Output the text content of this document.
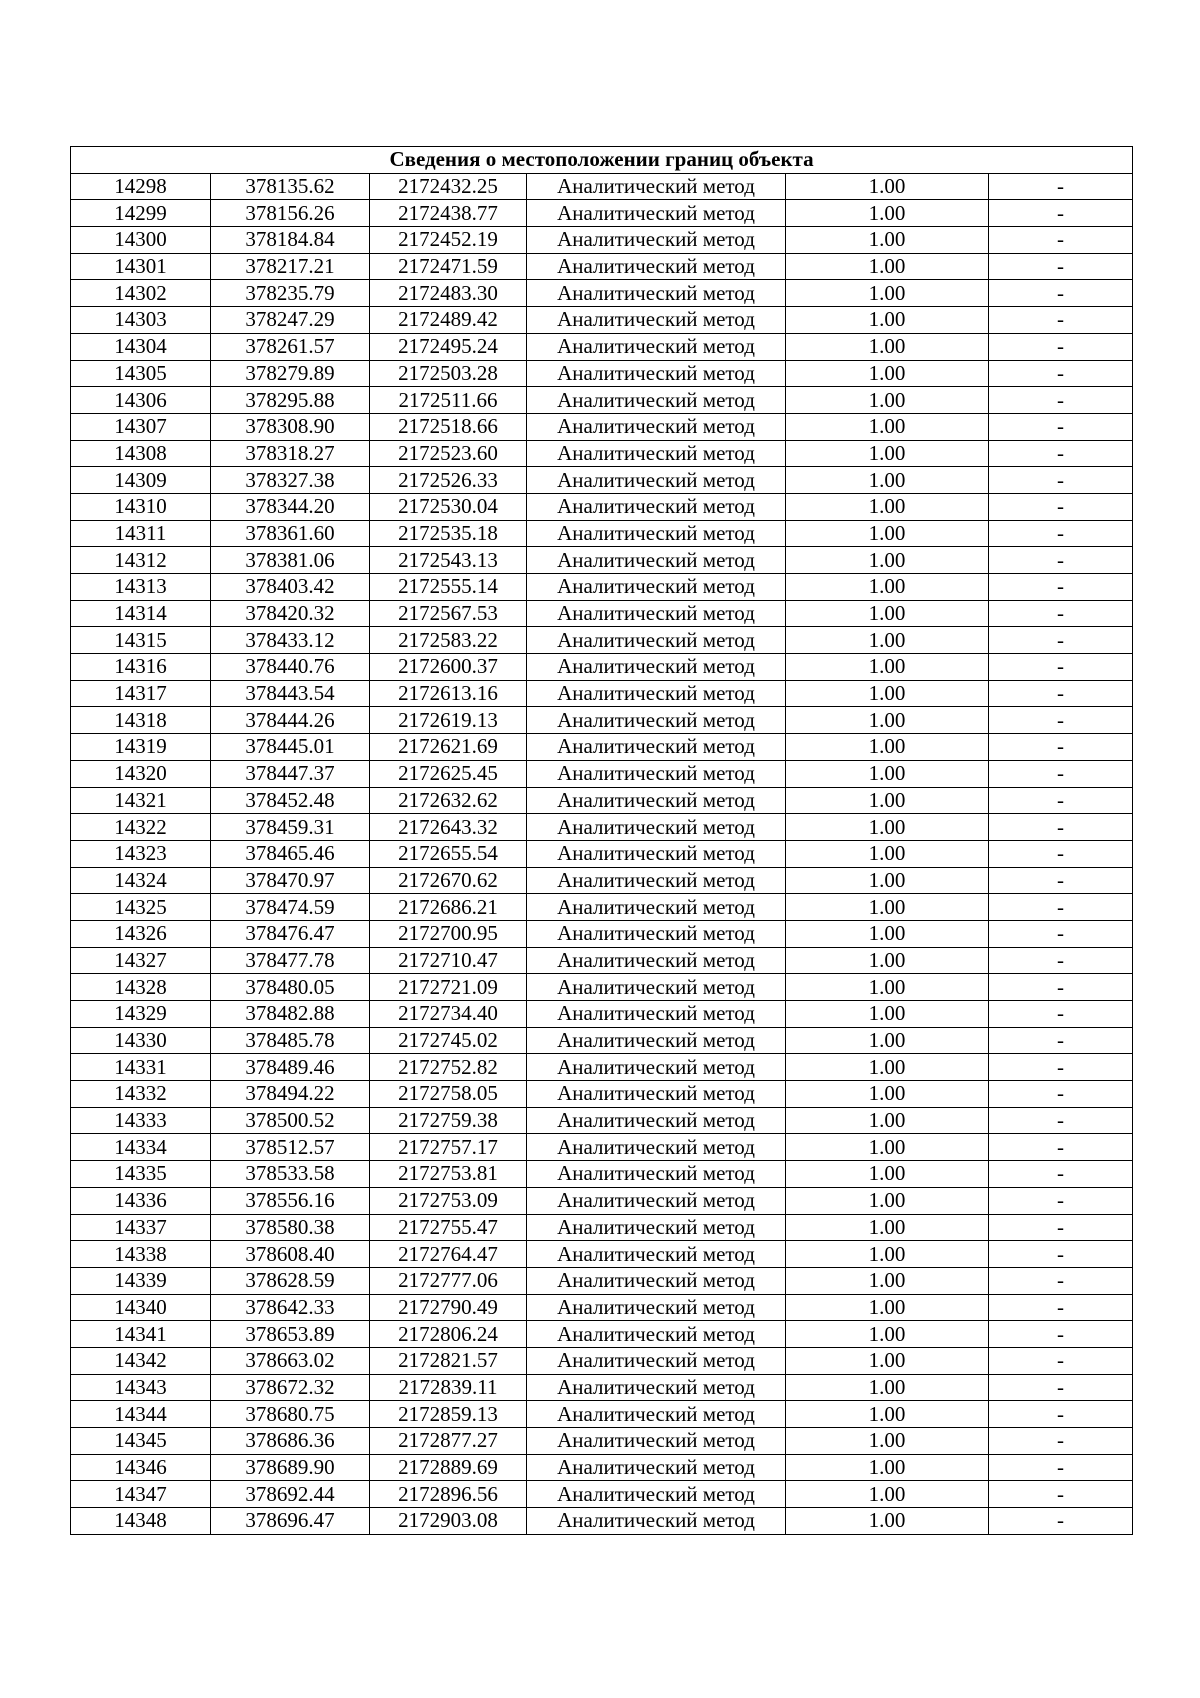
Сведения о местоположении границ объекта					
14298	378135.62	2172432.25	Аналитический метод	1.00	-
14299	378156.26	2172438.77	Аналитический метод	1.00	-
14300	378184.84	2172452.19	Аналитический метод	1.00	-
14301	378217.21	2172471.59	Аналитический метод	1.00	-
14302	378235.79	2172483.30	Аналитический метод	1.00	-
14303	378247.29	2172489.42	Аналитический метод	1.00	-
14304	378261.57	2172495.24	Аналитический метод	1.00	-
14305	378279.89	2172503.28	Аналитический метод	1.00	-
14306	378295.88	2172511.66	Аналитический метод	1.00	-
14307	378308.90	2172518.66	Аналитический метод	1.00	-
14308	378318.27	2172523.60	Аналитический метод	1.00	-
14309	378327.38	2172526.33	Аналитический метод	1.00	-
14310	378344.20	2172530.04	Аналитический метод	1.00	-
14311	378361.60	2172535.18	Аналитический метод	1.00	-
14312	378381.06	2172543.13	Аналитический метод	1.00	-
14313	378403.42	2172555.14	Аналитический метод	1.00	-
14314	378420.32	2172567.53	Аналитический метод	1.00	-
14315	378433.12	2172583.22	Аналитический метод	1.00	-
14316	378440.76	2172600.37	Аналитический метод	1.00	-
14317	378443.54	2172613.16	Аналитический метод	1.00	-
14318	378444.26	2172619.13	Аналитический метод	1.00	-
14319	378445.01	2172621.69	Аналитический метод	1.00	-
14320	378447.37	2172625.45	Аналитический метод	1.00	-
14321	378452.48	2172632.62	Аналитический метод	1.00	-
14322	378459.31	2172643.32	Аналитический метод	1.00	-
14323	378465.46	2172655.54	Аналитический метод	1.00	-
14324	378470.97	2172670.62	Аналитический метод	1.00	-
14325	378474.59	2172686.21	Аналитический метод	1.00	-
14326	378476.47	2172700.95	Аналитический метод	1.00	-
14327	378477.78	2172710.47	Аналитический метод	1.00	-
14328	378480.05	2172721.09	Аналитический метод	1.00	-
14329	378482.88	2172734.40	Аналитический метод	1.00	-
14330	378485.78	2172745.02	Аналитический метод	1.00	-
14331	378489.46	2172752.82	Аналитический метод	1.00	-
14332	378494.22	2172758.05	Аналитический метод	1.00	-
14333	378500.52	2172759.38	Аналитический метод	1.00	-
14334	378512.57	2172757.17	Аналитический метод	1.00	-
14335	378533.58	2172753.81	Аналитический метод	1.00	-
14336	378556.16	2172753.09	Аналитический метод	1.00	-
14337	378580.38	2172755.47	Аналитический метод	1.00	-
14338	378608.40	2172764.47	Аналитический метод	1.00	-
14339	378628.59	2172777.06	Аналитический метод	1.00	-
14340	378642.33	2172790.49	Аналитический метод	1.00	-
14341	378653.89	2172806.24	Аналитический метод	1.00	-
14342	378663.02	2172821.57	Аналитический метод	1.00	-
14343	378672.32	2172839.11	Аналитический метод	1.00	-
14344	378680.75	2172859.13	Аналитический метод	1.00	-
14345	378686.36	2172877.27	Аналитический метод	1.00	-
14346	378689.90	2172889.69	Аналитический метод	1.00	-
14347	378692.44	2172896.56	Аналитический метод	1.00	-
14348	378696.47	2172903.08	Аналитический метод	1.00	-
